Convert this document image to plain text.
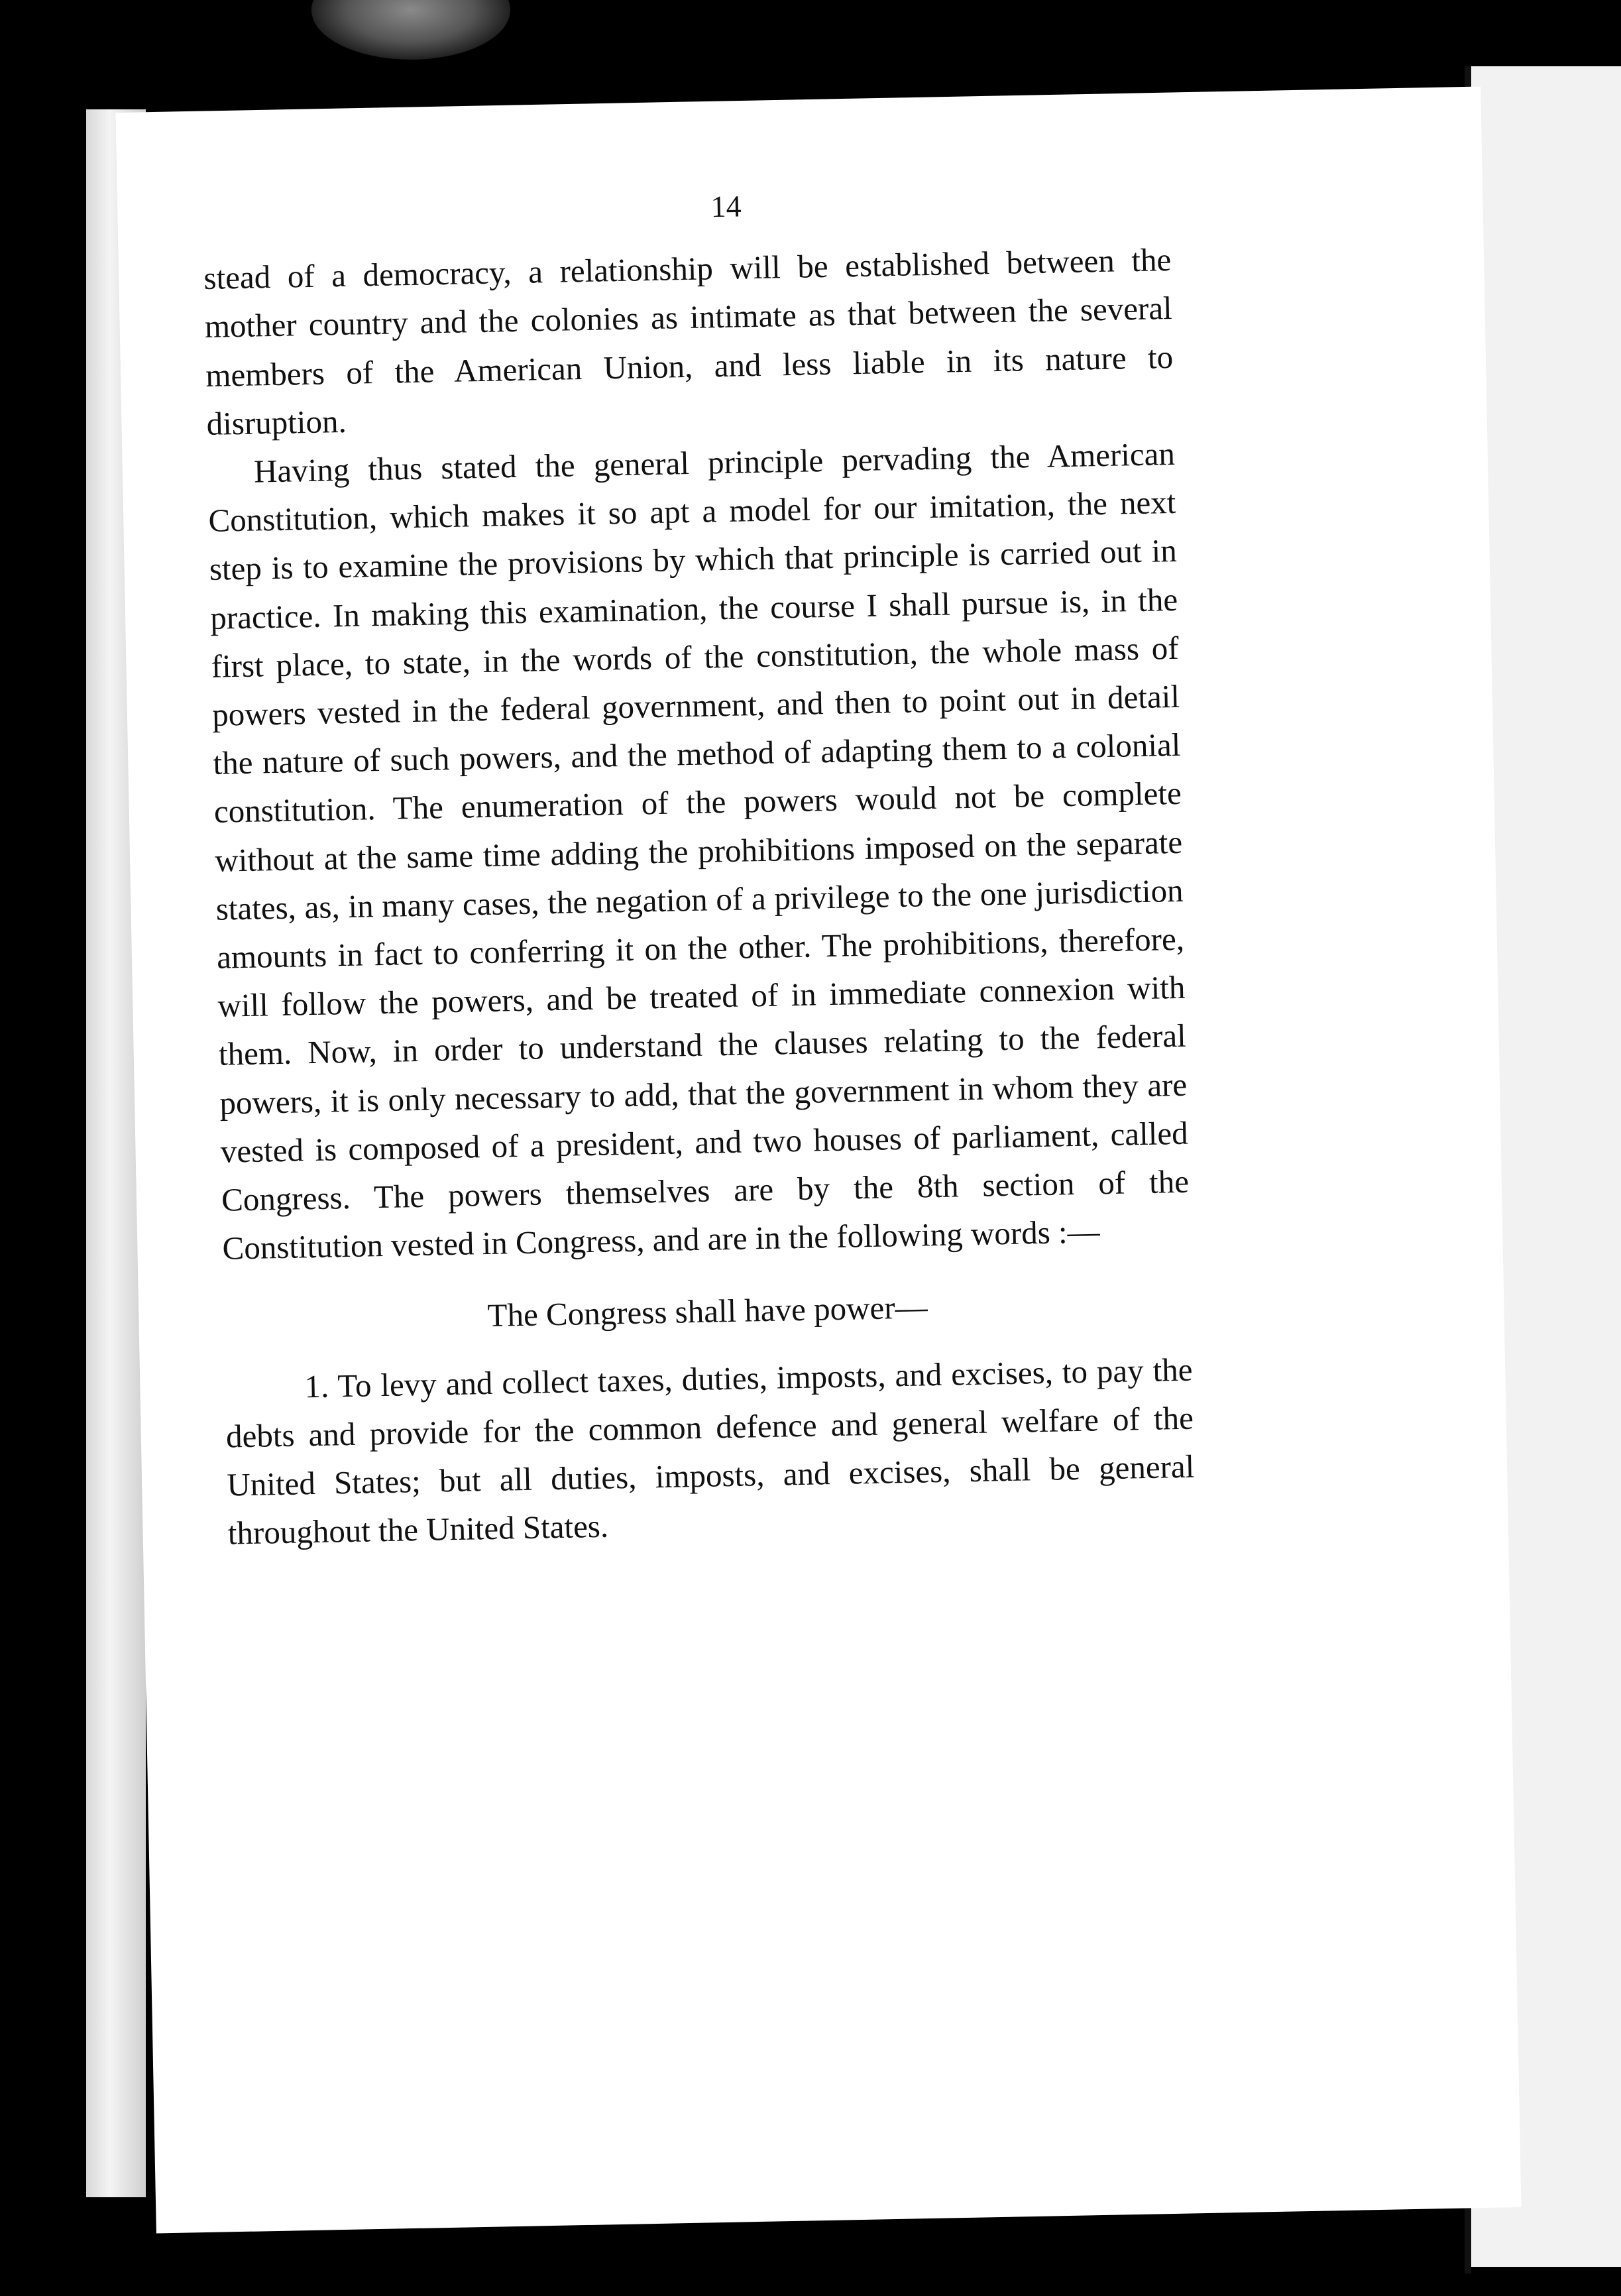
14

stead of a democracy, a relationship will be established between the mother country and the colonies as intimate as that between the several members of the American Union, and less liable in its nature to disruption.

Having thus stated the general principle pervading the American Constitution, which makes it so apt a model for our imitation, the next step is to examine the provisions by which that principle is carried out in practice. In making this examination, the course I shall pursue is, in the first place, to state, in the words of the constitution, the whole mass of powers vested in the federal government, and then to point out in detail the nature of such powers, and the method of adapting them to a colonial constitution. The enumeration of the powers would not be complete without at the same time adding the prohibitions imposed on the separate states, as, in many cases, the negation of a privilege to the one jurisdiction amounts in fact to conferring it on the other. The prohibitions, therefore, will follow the powers, and be treated of in immediate connexion with them. Now, in order to understand the clauses relating to the federal powers, it is only necessary to add, that the government in whom they are vested is composed of a president, and two houses of parliament, called Congress. The powers themselves are by the 8th section of the Constitution vested in Congress, and are in the following words :—

The Congress shall have power—

1. To levy and collect taxes, duties, imposts, and excises, to pay the debts and provide for the common defence and general welfare of the United States; but all duties, imposts, and excises, shall be general throughout the United States.
